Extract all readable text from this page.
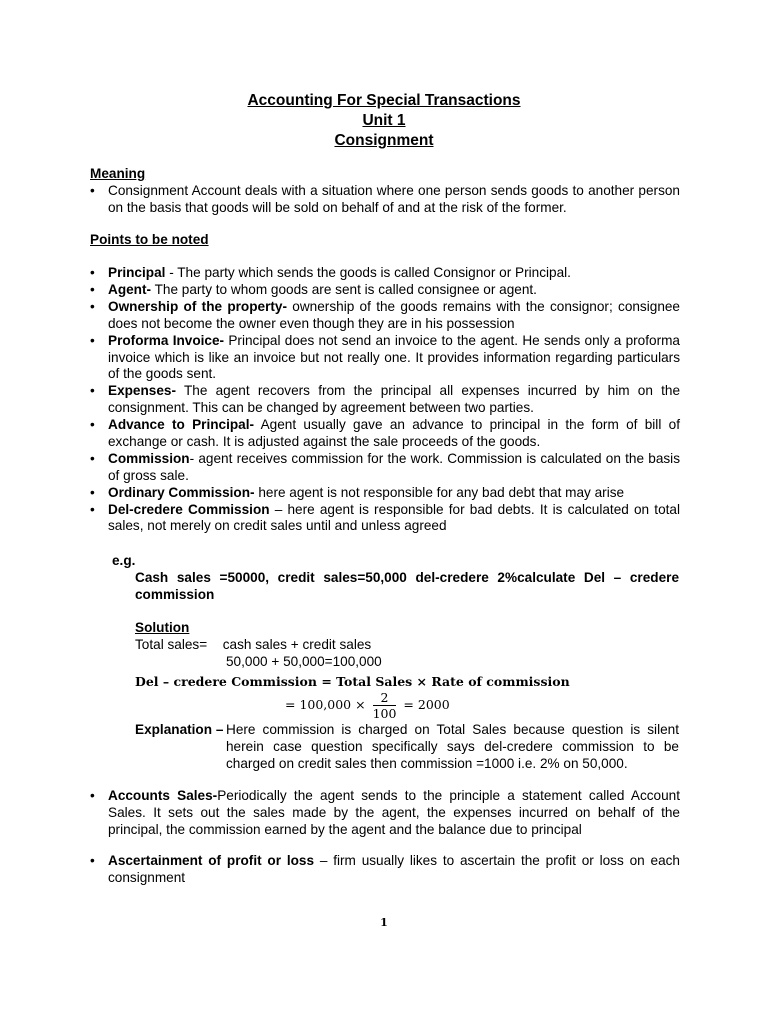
Accounting For Special Transactions
Unit 1
Consignment
Meaning
• Consignment Account deals with a situation where one person sends goods to another person on the basis that goods will be sold on behalf of and at the risk of the former.
Points to be noted
• Principal - The party which sends the goods is called Consignor or Principal.
• Agent- The party to whom goods are sent is called consignee or agent.
• Ownership of the property- ownership of the goods remains with the consignor; consignee does not become the owner even though they are in his possession
• Proforma Invoice- Principal does not send an invoice to the agent. He sends only a proforma invoice which is like an invoice but not really one. It provides information regarding particulars of the goods sent.
• Expenses- The agent recovers from the principal all expenses incurred by him on the consignment. This can be changed by agreement between two parties.
• Advance to Principal- Agent usually gave an advance to principal in the form of bill of exchange or cash. It is adjusted against the sale proceeds of the goods.
• Commission- agent receives commission for the work. Commission is calculated on the basis of gross sale.
• Ordinary Commission- here agent is not responsible for any bad debt that may arise
• Del-credere Commission – here agent is responsible for bad debts. It is calculated on total sales, not merely on credit sales until and unless agreed
e.g.
Cash sales =50000, credit sales=50,000 del-credere 2%calculate Del – credere commission
Solution
Total sales= cash sales + credit sales
50,000 + 50,000=100,000
Del – credere Commission = Total Sales × Rate of commission
= $100,000 \times \frac{2}{100} = 2000$
Explanation – Here commission is charged on Total Sales because question is silent herein case question specifically says del-credere commission to be charged on credit sales then commission =1000 i.e. 2% on 50,000.
• Accounts Sales-Periodically the agent sends to the principle a statement called Account Sales. It sets out the sales made by the agent, the expenses incurred on behalf of the principal, the commission earned by the agent and the balance due to principal
• Ascertainment of profit or loss – firm usually likes to ascertain the profit or loss on each consignment
1
